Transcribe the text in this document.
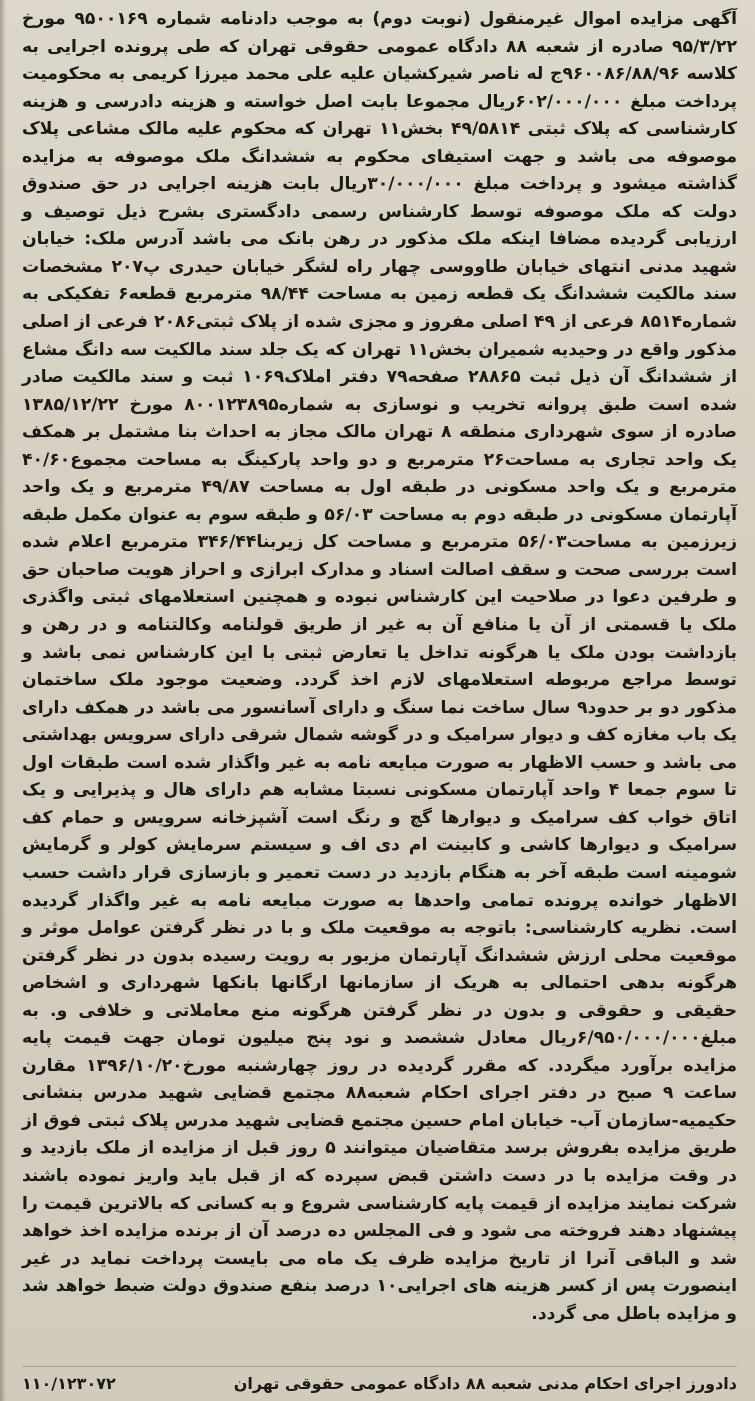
آگهی مزایده اموال غیرمنقول (نوبت دوم) به موجب دادنامه شماره ۹۵۰۰۱۶۹ مورخ ۹۵/۳/۲۲ صادره از شعبه ۸۸ دادگاه عمومی حقوقی تهران که طی پرونده اجرایی به کلاسه ۹۶۰۰۸۶/۸۸/۹۶ج له ناصر شیرکشیان علیه علی محمد میرزا کریمی به محکومیت پرداخت مبلغ ۶۰۲/۰۰۰/۰۰۰ریال مجموعا بابت اصل خواسته و هزینه دادرسی و هزینه کارشناسی که پلاک ثبتی ۴۹/۵۸۱۴ بخش۱۱ تهران که محکوم علیه مالک مشاعی پلاک موصوفه می باشد و جهت استیفای محکوم به ششدانگ ملک موصوفه به مزایده گذاشته میشود و پرداخت مبلغ ۳۰/۰۰۰/۰۰۰ریال بابت هزینه اجرایی در حق صندوق دولت که ملک موصوفه توسط کارشناس رسمی دادگستری بشرح ذیل توصیف و ارزیابی گردیده مضافا اینکه ملک مذکور در رهن بانک می باشد آدرس ملک: خیابان شهید مدنی انتهای خیابان طاووسی چهار راه لشگر خیابان حیدری پ۲۰۷ مشخصات سند مالکیت ششدانگ یک قطعه زمین به مساحت ۹۸/۴۴ مترمربع قطعه۶ تفکیکی به شماره۸۵۱۴ فرعی از ۴۹ اصلی مفروز و مجزی شده از پلاک ثبتی۲۰۸۶ فرعی از اصلی مذکور واقع در وحیدیه شمیران بخش۱۱ تهران که یک جلد سند مالکیت سه دانگ مشاع از ششدانگ آن ذیل ثبت ۲۸۸۶۵ صفحه۷۹ دفتر املاک۱۰۶۹ ثبت و سند مالکیت صادر شده است طبق پروانه تخریب و نوسازی به شماره۸۰۰۱۲۳۸۹۵ مورخ ۱۳۸۵/۱۲/۲۲ صادره از سوی شهرداری منطقه ۸ تهران مالک مجاز به احداث بنا مشتمل بر همکف یک واحد تجاری به مساحت۲۶ مترمربع و دو واحد پارکینگ به مساحت مجموع۴۰/۶۰ مترمربع و یک واحد مسکونی در طبقه اول به مساحت ۴۹/۸۷ مترمربع و یک واحد آپارتمان مسکونی در طبقه دوم به مساحت ۵۶/۰۳ و طبقه سوم به عنوان مکمل طبقه زیرزمین به مساحت۵۶/۰۳ مترمربع و مساحت کل زیربنا۳۴۶/۴۴ مترمربع اعلام شده است بررسی صحت و سقف اصالت اسناد و مدارک ابرازی و احراز هویت صاحبان حق و طرفین دعوا در صلاحیت این کارشناس نبوده و همچنین استعلامهای ثبتی واگذری ملک یا قسمتی از آن یا منافع آن به غیر از طریق قولنامه وکالتنامه و در رهن و بازداشت بودن ملک یا هرگونه تداخل یا تعارض ثبتی با این کارشناس نمی باشد و توسط مراجع مربوطه استعلامهای لازم اخذ گردد. وضعیت موجود ملک ساختمان مذکور دو بر حدود۹ سال ساخت نما سنگ و دارای آسانسور می باشد در همکف دارای یک باب مغازه کف و دیوار سرامیک و در گوشه شمال شرقی دارای سرویس بهداشتی می باشد و حسب الاظهار به صورت مبایعه نامه به غیر واگذار شده است طبقات اول تا سوم جمعا ۴ واحد آپارتمان مسکونی نسبتا مشابه هم دارای هال و پذیرایی و یک اتاق خواب کف سرامیک و دیوارها گچ و رنگ است آشپزخانه سرویس و حمام کف سرامیک و دیوارها کاشی و کابینت ام دی اف و سیستم سرمایش کولر و گرمایش شومینه است طبقه آخر به هنگام بازدید در دست تعمیر و بازسازی قرار داشت حسب الاظهار خوانده پرونده تمامی واحدها به صورت مبایعه نامه به غیر واگذار گردیده است. نظریه کارشناسی: باتوجه به موقعیت ملک و با در نظر گرفتن عوامل موثر و موقعیت محلی ارزش ششدانگ آپارتمان مزبور به رویت رسیده بدون در نظر گرفتن هرگونه بدهی احتمالی به هریک از سازمانها ارگانها بانکها شهرداری و اشخاص حقیقی و حقوقی و بدون در نظر گرفتن هرگونه منع معاملاتی و خلافی و. به مبلغ۶/۹۵۰/۰۰۰/۰۰۰ریال معادل ششصد و نود پنج میلیون تومان جهت قیمت پایه مزایده برآورد میگردد. که مقرر گردیده در روز چهارشنبه مورخ۱۳۹۶/۱۰/۲۰ مقارن ساعت ۹ صبح در دفتر اجرای احکام شعبه۸۸ مجتمع قضایی شهید مدرس بنشانی حکیمیه-سازمان آب- خیابان امام حسین مجتمع قضایی شهید مدرس پلاک ثبتی فوق از طریق مزایده بفروش برسد متقاضیان میتوانند ۵ روز قبل از مزایده از ملک بازدید و در وقت مزایده با در دست داشتن قبض سپرده که از قبل باید واریز نموده باشند شرکت نمایند مزایده از قیمت پایه کارشناسی شروع و به کسانی که بالاترین قیمت را پیشنهاد دهند فروخته می شود و فی المجلس ده درصد آن از برنده مزایده اخذ خواهد شد و الباقی آنرا از تاریخ مزایده ظرف یک ماه می بایست پرداخت نماید در غیر اینصورت پس از کسر هزینه های اجرایی۱۰ درصد بنفع صندوق دولت ضبط خواهد شد و مزایده باطل می گردد.

دادورز اجرای احکام مدنی شعبه ۸۸ دادگاه عمومی حقوقی تهران
۱۱۰/۱۲۳۰۷۲
